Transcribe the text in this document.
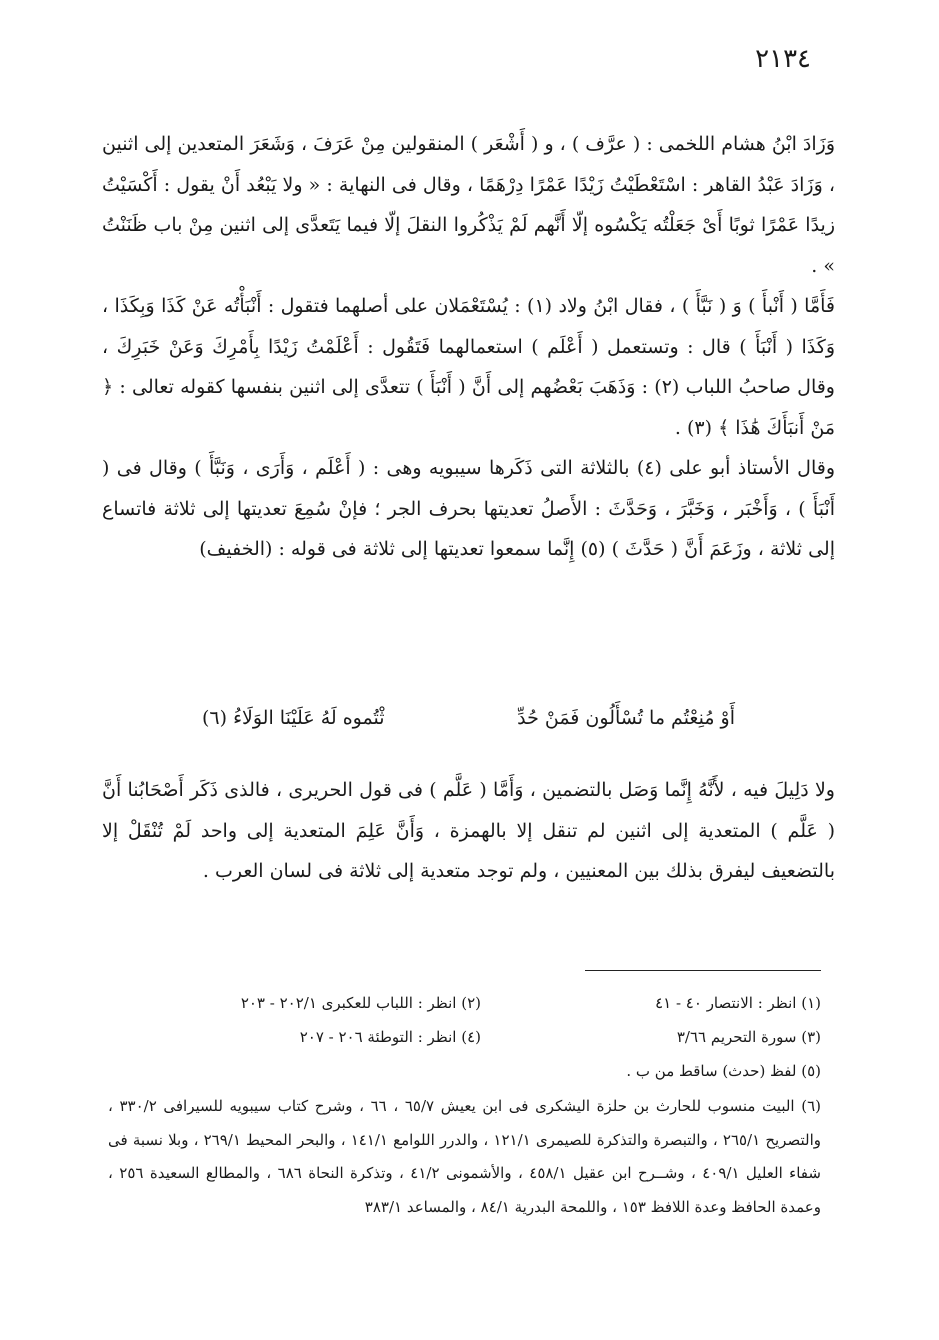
٢١٣٤

وَزَادَ ابْنُ هشام اللخمى : ( عرَّف ) ، و ( أَشْعَر ) المنقولين مِنْ عَرَفَ ، وَشَعَرَ المتعدين إلى اثنين ، وَزَادَ عَبْدُ القاهر : اسْتَعْطَيْتُ زَيْدًا عَمْرًا دِرْهَمًا ، وقال فى النهاية : « ولا يَبْعُد أَنْ يقول : أَكْسَيْتُ زيدًا عَمْرًا ثوبًا أَىْ جَعَلْتُه يَكْسُوه إلّا أَنَّهم لَمْ يَذْكُروا النقلَ إلّا فيما يَتَعدَّى إلى اثنين مِنْ باب ظَنَنْتُ » .

فَأَمَّا ( أَنْبأَ ) وَ ( نَبَّأَ ) ، فقال ابْنُ ولاد (١) : يُسْتَعْمَلان على أصلهما فتقول : أَنْبَأْتُه عَنْ كَذَا وَبِكَذَا ، وَكَذَا ( أَنْبَأَ ) قال : وتستعمل ( أَعْلَم ) استعمالهما فَتَقُول : أَعْلَمْتُ زَيْدًا بِأَمْرِكَ وَعَنْ خَبَرِكَ ، وقال صاحبُ اللباب (٢) : وَذَهَبَ بَعْضُهم إلى أَنَّ ( أَنْبَأَ ) تتعدَّى إلى اثنين بنفسها كقوله تعالى : ﴿ مَنْ أَنبَأَكَ هَٰذَا ﴾ (٣) .

وقال الأستاذ أبو على (٤) بالثلاثة التى ذَكَرها سيبويه وهى : ( أَعْلَم ، وَأَرَى ، وَنَبَّأَ ) وقال فى ( أَنْبَأَ ) ، وَأَخْبَر ، وَخَبَّرَ ، وَحَدَّثَ : الأَصلُ تعديتها بحرف الجر ؛ فإنْ سُمِعَ تعديتها إلى ثلاثة فاتساع إلى ثلاثة ، وزَعَمَ أَنَّ ( حَدَّثَ ) (٥) إِنَّما سمعوا تعديتها إلى ثلاثة فى قوله : (الخفيف)

أَوْ مُنِعْتُم ما تُسْأَلُون فَمَنْ حُدِّ
ثْتُموه لَهُ عَلَيْنَا الوَلَاءُ (٦)

ولا دَلِيلَ فيه ، لأَنَّهُ إِنَّما وَصَل بالتضمين ، وَأَمَّا ( عَلَّم ) فى قول الحريرى ، فالذى ذَكَر أَصْحَابُنا أَنَّ ( عَلَّم ) المتعدية إلى اثنين لم تنقل إلا بالهمزة ، وَأَنَّ عَلِمَ المتعدية إلى واحد لَمْ تُنْقَلْ إلا بالتضعيف ليفرق بذلك بين المعنيين ، ولم توجد متعدية إلى ثلاثة فى لسان العرب .

(١) انظر : الانتصار ٤٠ - ٤١
(٢) انظر : اللباب للعكبرى ٢٠٢/١ - ٢٠٣
(٣) سورة التحريم ٣/٦٦
(٤) انظر : التوطئة ٢٠٦ - ٢٠٧
(٥) لفظ (حدث) ساقط من ب .

(٦) البيت منسوب للحارث بن حلزة اليشكرى فى ابن يعيش ٦٥/٧ ، ٦٦ ، وشرح كتاب سيبويه للسيرافى ٣٣٠/٢ ، والتصريح ٢٦٥/١ ، والتبصرة والتذكرة للصيمرى ١٢١/١ ، والدرر اللوامع ١٤١/١ ، والبحر المحيط ٢٦٩/١ ، وبلا نسبة فى شفاء العليل ٤٠٩/١ ، وشــرح ابن عقيل ٤٥٨/١ ، والأشمونى ٤١/٢ ، وتذكرة النحاة ٦٨٦ ، والمطالع السعيدة ٢٥٦ ، وعمدة الحافظ وعدة اللافظ ١٥٣ ، واللمحة البدرية ٨٤/١ ، والمساعد ٣٨٣/١
